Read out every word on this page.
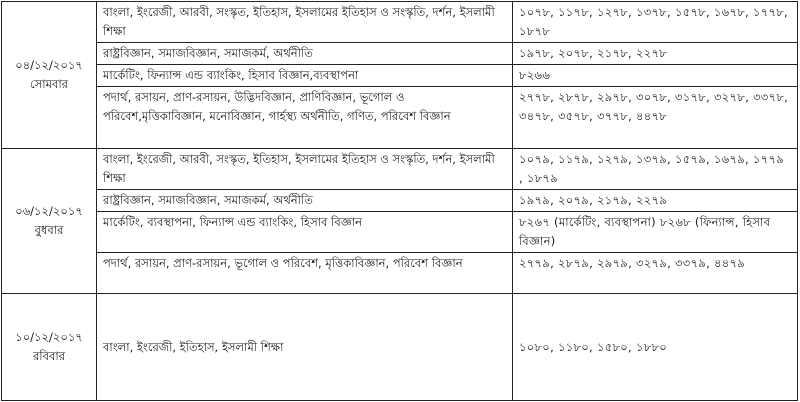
০৪/১২/২০১৭
সোমবার	বাংলা, ইংরেজী, আরবী, সংস্কৃত, ইতিহাস, ইসলামের ইতিহাস ও সংস্কৃতি, দর্শন, ইসলামী শিক্ষা	১০৭৮, ১১৭৮, ১২৭৮, ১৩৭৮, ১৫৭৮, ১৬৭৮, ১৭৭৮, ১৮৭৮
	রাষ্ট্রবিজ্ঞান, সমাজবিজ্ঞান, সমাজকর্ম, অর্থনীতি	১৯৭৮, ২০৭৮, ২১৭৮, ২২৭৮
	মার্কেটিং, ফিন্যান্স এন্ড ব্যাংকিং, হিসাব বিজ্ঞান,ব্যবস্থাপনা	৮২৬৬
	পদার্থ, রসায়ন, প্রাণ-রসায়ন, উদ্ভিদবিজ্ঞান, প্রাণিবিজ্ঞান, ভূগোল ও পরিবেশ,মৃত্তিকাবিজ্ঞান, মনোবিজ্ঞান, গার্হস্থ্য অর্থনীতি, গণিত, পরিবেশ বিজ্ঞান	২৭৭৮, ২৮৭৮, ২৯৭৮, ৩০৭৮, ৩১৭৮, ৩২৭৮, ৩৩৭৮, ৩৪৭৮, ৩৫৭৮, ৩৭৭৮, ৪৪৭৮

০৬/১২/২০১৭
বুধবার	বাংলা, ইংরেজী, আরবী, সংস্কৃত, ইতিহাস, ইসলামের ইতিহাস ও সংস্কৃতি, দর্শন, ইসলামী শিক্ষা	১০৭৯, ১১৭৯, ১২৭৯, ১৩৭৯, ১৫৭৯, ১৬৭৯, ১৭৭৯ , ১৮৭৯
	রাষ্ট্রবিজ্ঞান, সমাজবিজ্ঞান, সমাজকর্ম, অর্থনীতি	১৯৭৯, ২০৭৯, ২১৭৯, ২২৭৯
	মার্কেটিং, ব্যবস্থাপনা, ফিন্যান্স এন্ড ব্যাংকিং, হিসাব বিজ্ঞান	৮২৬৭ (মার্কেটিং, ব্যবস্থাপনা) ৮২৬৮ (ফিন্যান্স, হিসাব বিজ্ঞান)
	পদার্থ, রসায়ন, প্রাণ-রসায়ন, ভূগোল ও পরিবেশ, মৃত্তিকাবিজ্ঞান, পরিবেশ বিজ্ঞান	২৭৭৯, ২৮৭৯, ২৯৭৯, ৩২৭৯, ৩৩৭৯, ৪৪৭৯

১০/১২/২০১৭
রবিবার	বাংলা, ইংরেজী, ইতিহাস, ইসলামী শিক্ষা	১০৮০, ১১৮০, ১৫৮০, ১৮৮০
